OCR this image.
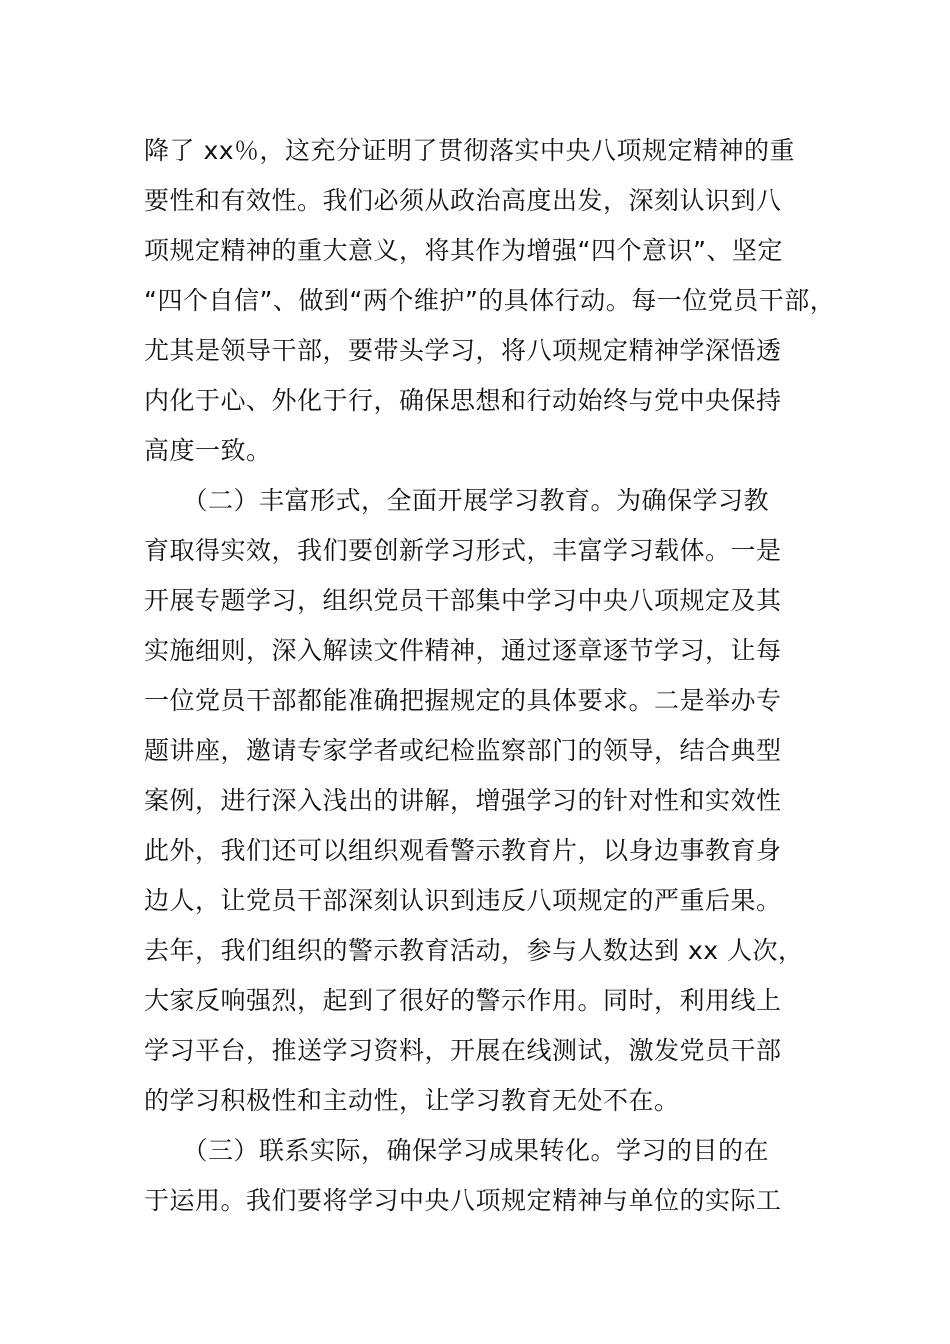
降了 xx％，这充分证明了贯彻落实中央八项规定精神的重
要性和有效性。我们必须从政治高度出发，深刻认识到八
项规定精神的重大意义，将其作为增强“四个意识”、坚定
“四个自信”、做到“两个维护”的具体行动。每一位党员干部，
尤其是领导干部，要带头学习，将八项规定精神学深悟透
内化于心、外化于行，确保思想和行动始终与党中央保持
高度一致。
　　（二）丰富形式，全面开展学习教育。为确保学习教
育取得实效，我们要创新学习形式，丰富学习载体。一是
开展专题学习，组织党员干部集中学习中央八项规定及其
实施细则，深入解读文件精神，通过逐章逐节学习，让每
一位党员干部都能准确把握规定的具体要求。二是举办专
题讲座，邀请专家学者或纪检监察部门的领导，结合典型
案例，进行深入浅出的讲解，增强学习的针对性和实效性
此外，我们还可以组织观看警示教育片，以身边事教育身
边人，让党员干部深刻认识到违反八项规定的严重后果。
去年，我们组织的警示教育活动，参与人数达到 xx 人次，
大家反响强烈，起到了很好的警示作用。同时，利用线上
学习平台，推送学习资料，开展在线测试，激发党员干部
的学习积极性和主动性，让学习教育无处不在。
　　（三）联系实际，确保学习成果转化。学习的目的在
于运用。我们要将学习中央八项规定精神与单位的实际工
